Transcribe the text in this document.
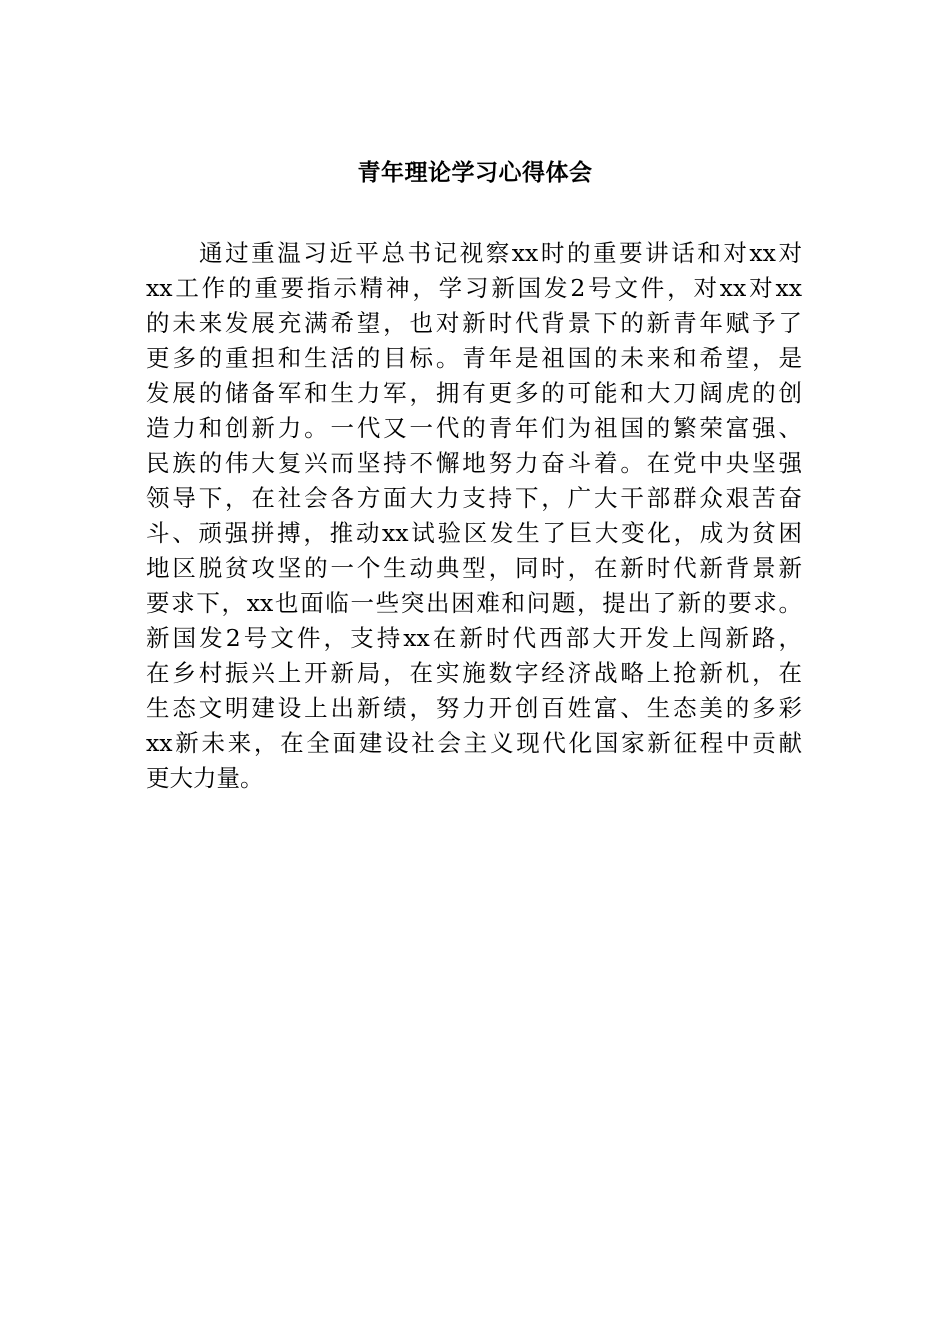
青年理论学习心得体会
通过重温习近平总书记视察xx时的重要讲话和对xx对
xx工作的重要指示精神，学习新国发2号文件，对xx对xx
的未来发展充满希望，也对新时代背景下的新青年赋予了
更多的重担和生活的目标。青年是祖国的未来和希望，是
发展的储备军和生力军，拥有更多的可能和大刀阔虎的创
造力和创新力。一代又一代的青年们为祖国的繁荣富强、
民族的伟大复兴而坚持不懈地努力奋斗着。在党中央坚强
领导下，在社会各方面大力支持下，广大干部群众艰苦奋
斗、顽强拼搏，推动xx试验区发生了巨大变化，成为贫困
地区脱贫攻坚的一个生动典型，同时，在新时代新背景新
要求下，xx也面临一些突出困难和问题，提出了新的要求。
新国发2号文件，支持xx在新时代西部大开发上闯新路，
在乡村振兴上开新局，在实施数字经济战略上抢新机，在
生态文明建设上出新绩，努力开创百姓富、生态美的多彩
xx新未来，在全面建设社会主义现代化国家新征程中贡献
更大力量。
